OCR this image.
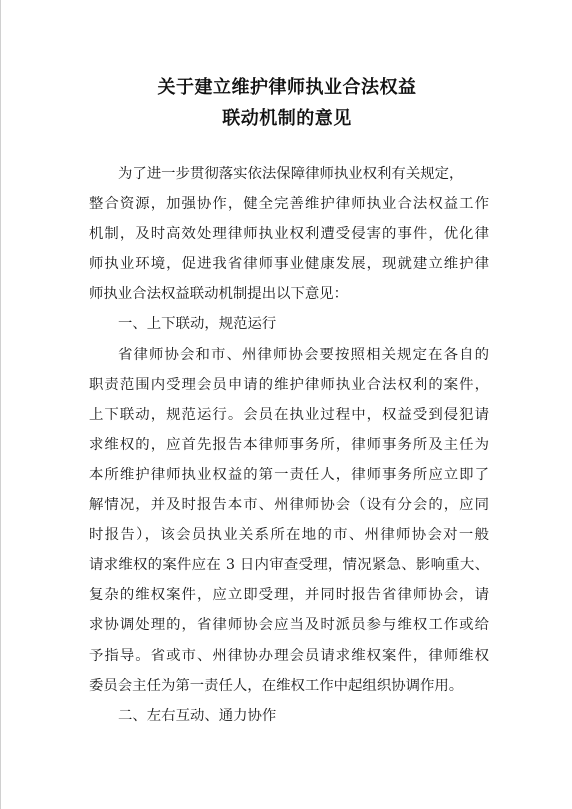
关于建立维护律师执业合法权益
联动机制的意见
为了进一步贯彻落实依法保障律师执业权利有关规定，
整合资源，加强协作，健全完善维护律师执业合法权益工作
机制，及时高效处理律师执业权利遭受侵害的事件，优化律
师执业环境，促进我省律师事业健康发展，现就建立维护律
师执业合法权益联动机制提出以下意见：
一、上下联动，规范运行
省律师协会和市、州律师协会要按照相关规定在各自的
职责范围内受理会员申请的维护律师执业合法权利的案件，
上下联动，规范运行。会员在执业过程中，权益受到侵犯请
求维权的，应首先报告本律师事务所，律师事务所及主任为
本所维护律师执业权益的第一责任人，律师事务所应立即了
解情况，并及时报告本市、州律师协会（设有分会的，应同
时报告），该会员执业关系所在地的市、州律师协会对一般
请求维权的案件应在 3 日内审查受理，情况紧急、影响重大、
复杂的维权案件，应立即受理，并同时报告省律师协会，请
求协调处理的，省律师协会应当及时派员参与维权工作或给
予指导。省或市、州律协办理会员请求维权案件，律师维权
委员会主任为第一责任人，在维权工作中起组织协调作用。
二、左右互动、通力协作
